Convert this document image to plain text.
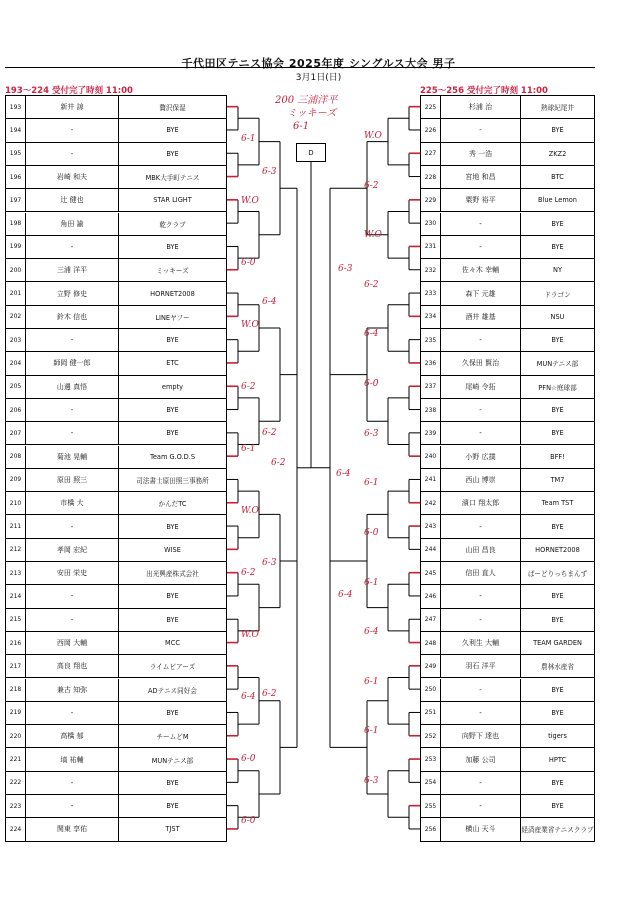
千代田区テニス協会 2025年度 シングルス大会 男子
3月1日(日)
193～224 受付完了時刻 11:00	225～256 受付完了時刻 11:00
193	新井 諒	贅沢保湿
194	-	BYE
195	-	BYE
196	岩崎 和夫	MBK大手町テニス
197	辻 健也	STAR LIGHT
198	角田 諭	乾クラブ
199	-	BYE
200	三浦 洋平	ミッキーズ
201	立野 修史	HORNET2008
202	鈴木 信也	LINEヤフー
203	-	BYE
204	師岡 健一郎	ETC
205	山邊 真悟	empty
206	-	BYE
207	-	BYE
208	菊池 晃輔	Team G.O.D.S
209	原田 照三	司法書士原田照三事務所
210	市橋 大	かんだTC
211	-	BYE
212	孝岡 宏紀	WISE
213	安田 栄史	出光興産株式会社
214	-	BYE
215	-	BYE
216	西岡 大輔	MCC
217	高良 翔也	ライムビアーズ
218	兼古 知弥	ADテニス同好会
219	-	BYE
220	高橋 郁	チームどM
221	塙 祐輔	MUNテニス部
222	-	BYE
223	-	BYE
224	関東 享佑	TJST
225	杉浦 治	熱球紀尾井
226	-	BYE
227	秀 一浩	ZKZ2
228	宮地 和昌	BTC
229	粟野 裕平	Blue Lemon
230	-	BYE
231	-	BYE
232	佐々木 幸輔	NY
233	森下 元雄	ドラゴン
234	酒井 雄基	NSU
235	-	BYE
236	久保田 賢治	MUNテニス部
237	尾崎 令拓	PFN☆庭球部
238	-	BYE
239	-	BYE
240	小野 広撲	BFF!
241	西山 博崇	TM7
242	濱口 翔太郎	Team TST
243	-	BYE
244	山田 昌良	HORNET2008
245	信田 直人	ぱーどりっちまんず
246	-	BYE
247	-	BYE
248	久利生 大輔	TEAM GARDEN
249	羽石 洋平	農林水産省
250	-	BYE
251	-	BYE
252	向野下 達也	tigers
253	加藤 公司	HPTC
254	-	BYE
255	-	BYE
256	横山 天斗	経済産業省テニスクラブ
D
200 三浦洋平
ミッキーズ
6-1
6-1
W.O
6-0
W.O
6-2
6-1
W.O
6-2
W.O
6-4
6-0
6-0
6-3
6-4
6-2
6-3
6-2
6-2
W.O
6-2
W.O
6-2
6-4
6-0
6-3
6-1
6-0
6-1
6-4
6-1
6-1
6-3
6-3
6-4
6-4
